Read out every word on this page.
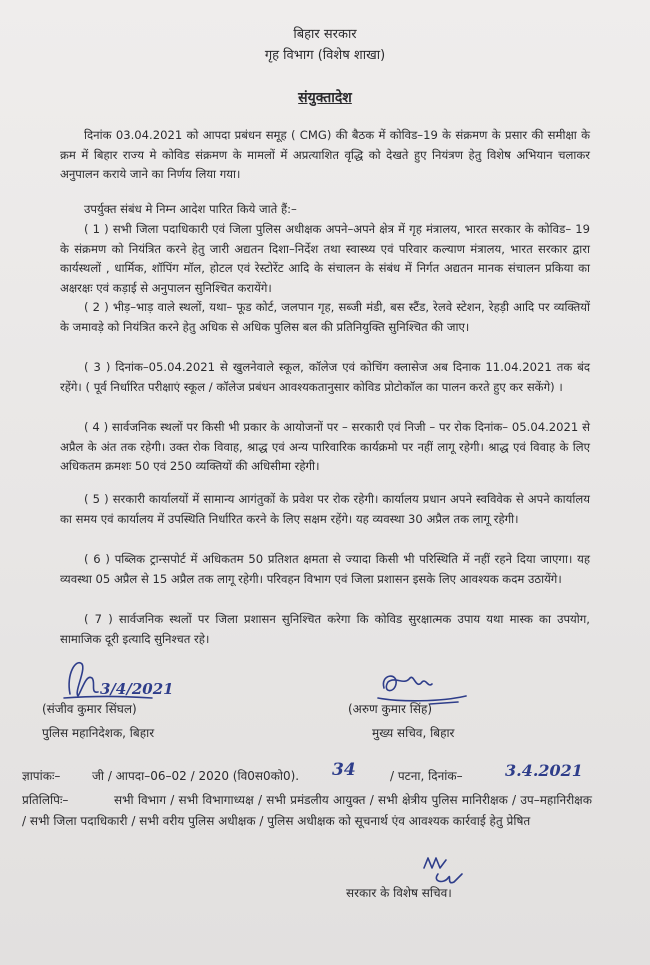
बिहार सरकार

गृह विभाग (विशेष शाखा)

संयुक्तादेश

दिनांक 03.04.2021 को आपदा प्रबंधन समूह ( CMG) की बैठक में कोविड–19 के संक्रमण के प्रसार की समीक्षा के क्रम में बिहार राज्य मे कोविड संक्रमण के मामलों में अप्रत्याशित वृद्धि को देखते हुए नियंत्रण हेतु विशेष अभियान चलाकर अनुपालन कराये जाने का निर्णय लिया गया।

उपर्युक्त संबंध मे निम्न आदेश पारित किये जाते हैं:–

( 1 ) सभी जिला पदाधिकारी एवं जिला पुलिस अधीक्षक अपने–अपने क्षेत्र में गृह मंत्रालय, भारत सरकार के कोविड– 19 के संक्रमण को नियंत्रित करने हेतु जारी अद्यतन दिशा–निर्देश तथा स्वास्थ्य एवं परिवार कल्याण मंत्रालय, भारत सरकार द्वारा कार्यस्थलों , धार्मिक, शॉपिंग मॉल, होटल एवं रेस्टोरेंट आदि के संचालन के संबंध में निर्गत अद्यतन मानक संचालन प्रकिया का अक्षरक्षः एवं कड़ाई से अनुपालन सुनिश्चित करायेंगे।

( 2 ) भीड़–भाड़ वाले स्थलों, यथा– फूड कोर्ट, जलपान गृह, सब्जी मंडी, बस स्टैंड, रेलवे स्टेशन, रेहड़ी आदि पर व्यक्तियों के जमावड़े को नियंत्रित करने हेतु अधिक से अधिक पुलिस बल की प्रतिनियुक्ति सुनिश्चित की जाए।

( 3 ) दिनांक–05.04.2021 से खुलनेवाले स्कूल, कॉलेज एवं कोचिंग क्लासेज अब दिनाक 11.04.2021 तक बंद रहेंगे। ( पूर्व निर्धारित परीक्षाएं स्कूल / कॉलेज प्रबंधन आवश्यकतानुसार कोविड प्रोटोकॉल का पालन करते हुए कर सकेंगे) ।

( 4 ) सार्वजनिक स्थलों पर किसी भी प्रकार के आयोजनों पर – सरकारी एवं निजी – पर रोक दिनांक– 05.04.2021 से अप्रैल के अंत तक रहेगी। उक्त रोक विवाह, श्राद्ध एवं अन्य पारिवारिक कार्यक्रमो पर नहीं लागू रहेगी। श्राद्ध एवं विवाह के लिए अधिकतम क्रमशः 50 एवं 250 व्यक्तियों की अधिसीमा रहेगी।

( 5 ) सरकारी कार्यालयों में सामान्य आगंतुकों के प्रवेश पर रोक रहेगी। कार्यालय प्रधान अपने स्वविवेक से अपने कार्यालय का समय एवं कार्यालय में उपस्थिति निर्धारित करने के लिए सक्षम रहेंगे। यह व्यवस्था 30 अप्रैल तक लागू रहेगी।

( 6 ) पब्लिक ट्रान्सपोर्ट में अधिकतम 50 प्रतिशत क्षमता से ज्यादा किसी भी परिस्थिति में नहीं रहने दिया जाएगा। यह व्यवस्था 05 अप्रैल से 15 अप्रैल तक लागू रहेगी। परिवहन विभाग एवं जिला प्रशासन इसके लिए आवश्यक कदम उठायेंगे।

( 7 ) सार्वजनिक स्थलों पर जिला प्रशासन सुनिश्चित करेगा कि कोविड सुरक्षात्मक उपाय यथा मास्क का उपयोग, सामाजिक दूरी इत्यादि सुनिश्चत रहे।

3/4/2021

(संजीव कुमार सिंघल)

पुलिस महानिदेशक, बिहार

(अरुण कुमार सिंह)

मुख्य सचिव, बिहार

ज्ञापांकः–	जी / आपदा–06–02 / 2020 (वि0स0को0). 34	/ पटना, दिनांक–	3.4.2021

प्रतिलिपिः–	सभी विभाग / सभी विभागाध्यक्ष / सभी प्रमंडलीय आयुक्त / सभी क्षेत्रीय पुलिस मानिरीक्षक / उप–महानिरीक्षक / सभी जिला पदाधिकारी / सभी वरीय पुलिस अधीक्षक / पुलिस अधीक्षक को सूचनार्थ एंव आवश्यक कार्रवाई हेतु प्रेषित

सरकार के विशेष सचिव।
